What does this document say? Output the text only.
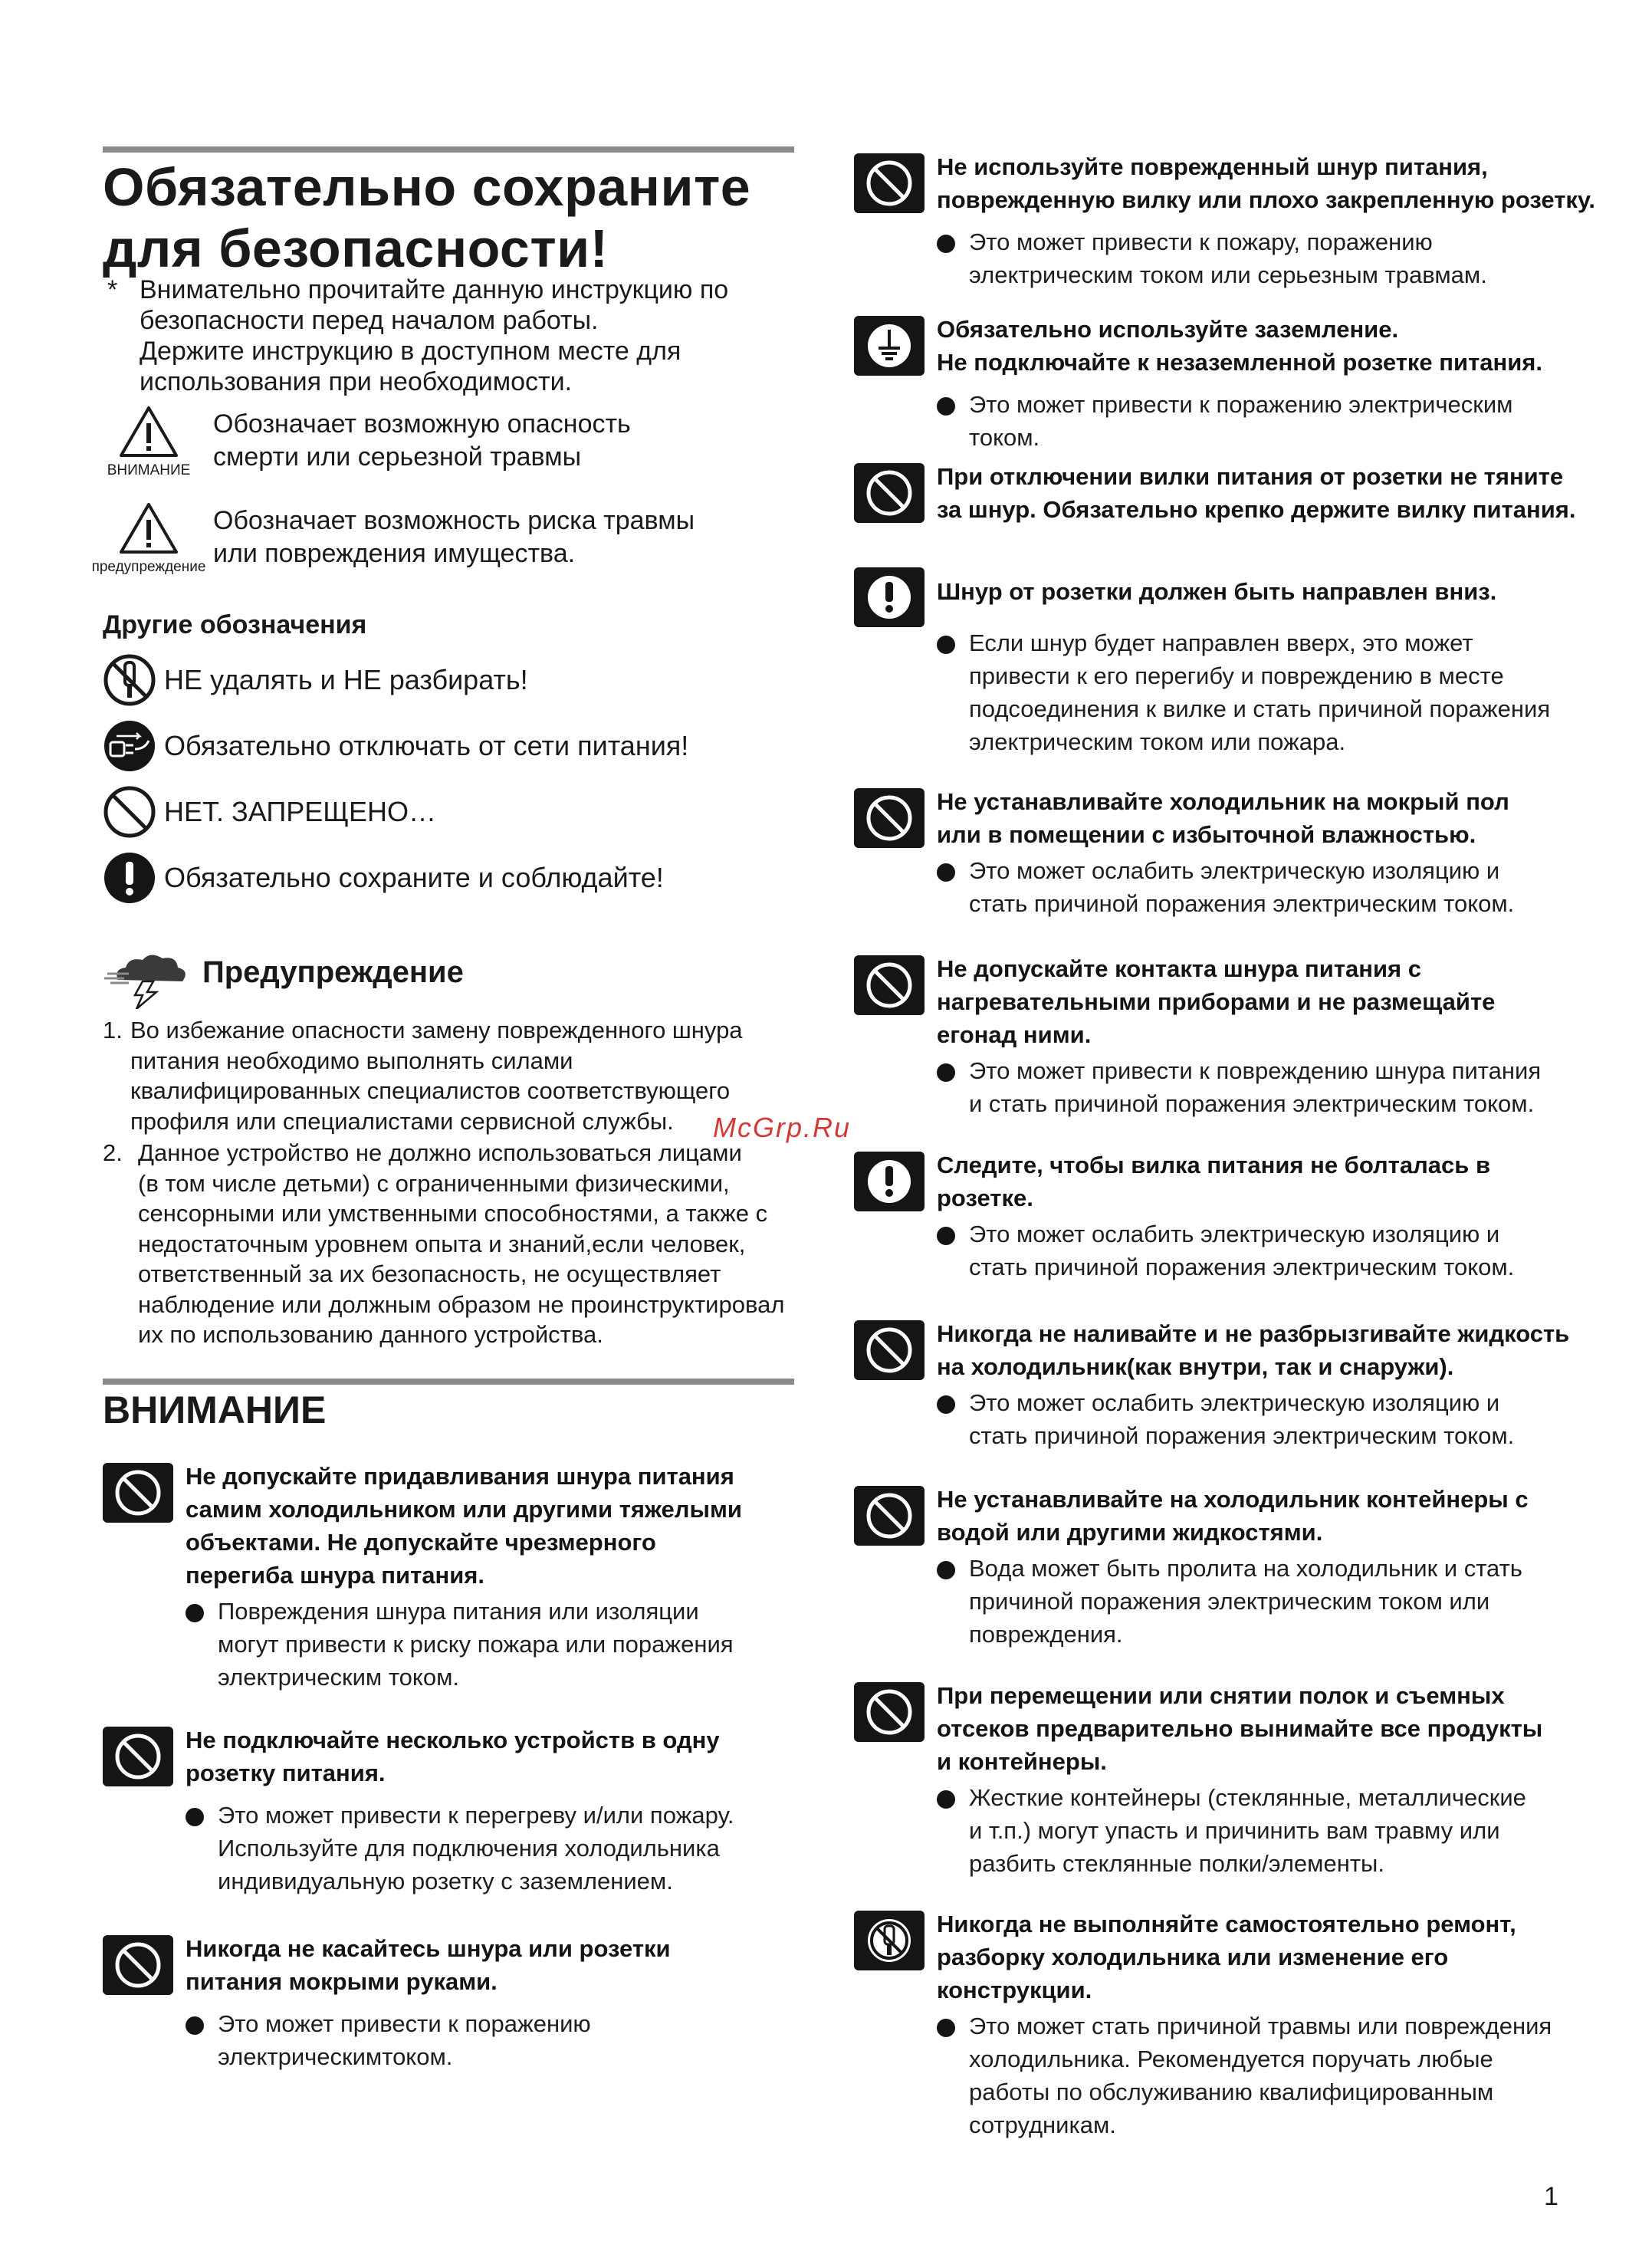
Обязательно сохраните
для безопасности!
* Внимательно прочитайте данную инструкцию по
безопасности перед началом работы.
Держите инструкцию в доступном месте для
использования при необходимости.
ВНИМАНИЕ
Обозначает возможную опасность
смерти или серьезной травмы
предупреждение
Обозначает возможность риска травмы
или повреждения имущества.
Другие обозначения
НЕ удалять и НЕ разбирать!
Обязательно отключать от сети питания!
НЕТ. ЗАПРЕЩЕНО…
Обязательно сохраните и соблюдайте!
Предупреждение
1. Во избежание опасности замену поврежденного шнура
питания необходимо выполнять силами
квалифицированных специалистов соответствующего
профиля или специалистами сервисной службы.
2. Данное устройство не должно использоваться лицами
(в том числе детьми) с ограниченными физическими,
сенсорными или умственными способностями, а также с
недостаточным уровнем опыта и знаний,если человек,
ответственный за их безопасность, не осуществляет
наблюдение или должным образом не проинструктировал
их по использованию данного устройства.
ВНИМАНИЕ
Не допускайте придавливания шнура питания
самим холодильником или другими тяжелыми
объектами. Не допускайте чрезмерного
перегиба шнура питания.
Повреждения шнура питания или изоляции
могут привести к риску пожара или поражения
электрическим током.
Не подключайте несколько устройств в одну
розетку питания.
Это может привести к перегреву и/или пожару.
Используйте для подключения холодильника
индивидуальную розетку с заземлением.
Никогда не касайтесь шнура или розетки
питания мокрыми руками.
Это может привести к поражению
электрическимтоком.
Не используйте поврежденный шнур питания,
поврежденную вилку или плохо закрепленную розетку.
Это может привести к пожару, поражению
электрическим током или серьезным травмам.
Обязательно используйте заземление.
Не подключайте к незаземленной розетке питания.
Это может привести к поражению электрическим
током.
При отключении вилки питания от розетки не тяните
за шнур. Обязательно крепко держите вилку питания.
Шнур от розетки должен быть направлен вниз.
Если шнур будет направлен вверх, это может
привести к его перегибу и повреждению в месте
подсоединения к вилке и стать причиной поражения
электрическим током или пожара.
Не устанавливайте холодильник на мокрый пол
или в помещении с избыточной влажностью.
Это может ослабить электрическую изоляцию и
стать причиной поражения электрическим током.
Не допускайте контакта шнура питания с
нагревательными приборами и не размещайте
егонад ними.
Это может привести к повреждению шнура питания
и стать причиной поражения электрическим током.
Следите, чтобы вилка питания не болталась в
розетке.
Это может ослабить электрическую изоляцию и
стать причиной поражения электрическим током.
Никогда не наливайте и не разбрызгивайте жидкость
на холодильник(как внутри, так и снаружи).
Это может ослабить электрическую изоляцию и
стать причиной поражения электрическим током.
Не устанавливайте на холодильник контейнеры с
водой или другими жидкостями.
Вода может быть пролита на холодильник и стать
причиной поражения электрическим током или
повреждения.
При перемещении или снятии полок и съемных
отсеков предварительно вынимайте все продукты
и контейнеры.
Жесткие контейнеры (стеклянные, металлические
и т.п.) могут упасть и причинить вам травму или
разбить стеклянные полки/элементы.
Никогда не выполняйте самостоятельно ремонт,
разборку холодильника или изменение его
конструкции.
Это может стать причиной травмы или повреждения
холодильника. Рекомендуется поручать любые
работы по обслуживанию квалифицированным
сотрудникам.
McGrp.Ru
1
